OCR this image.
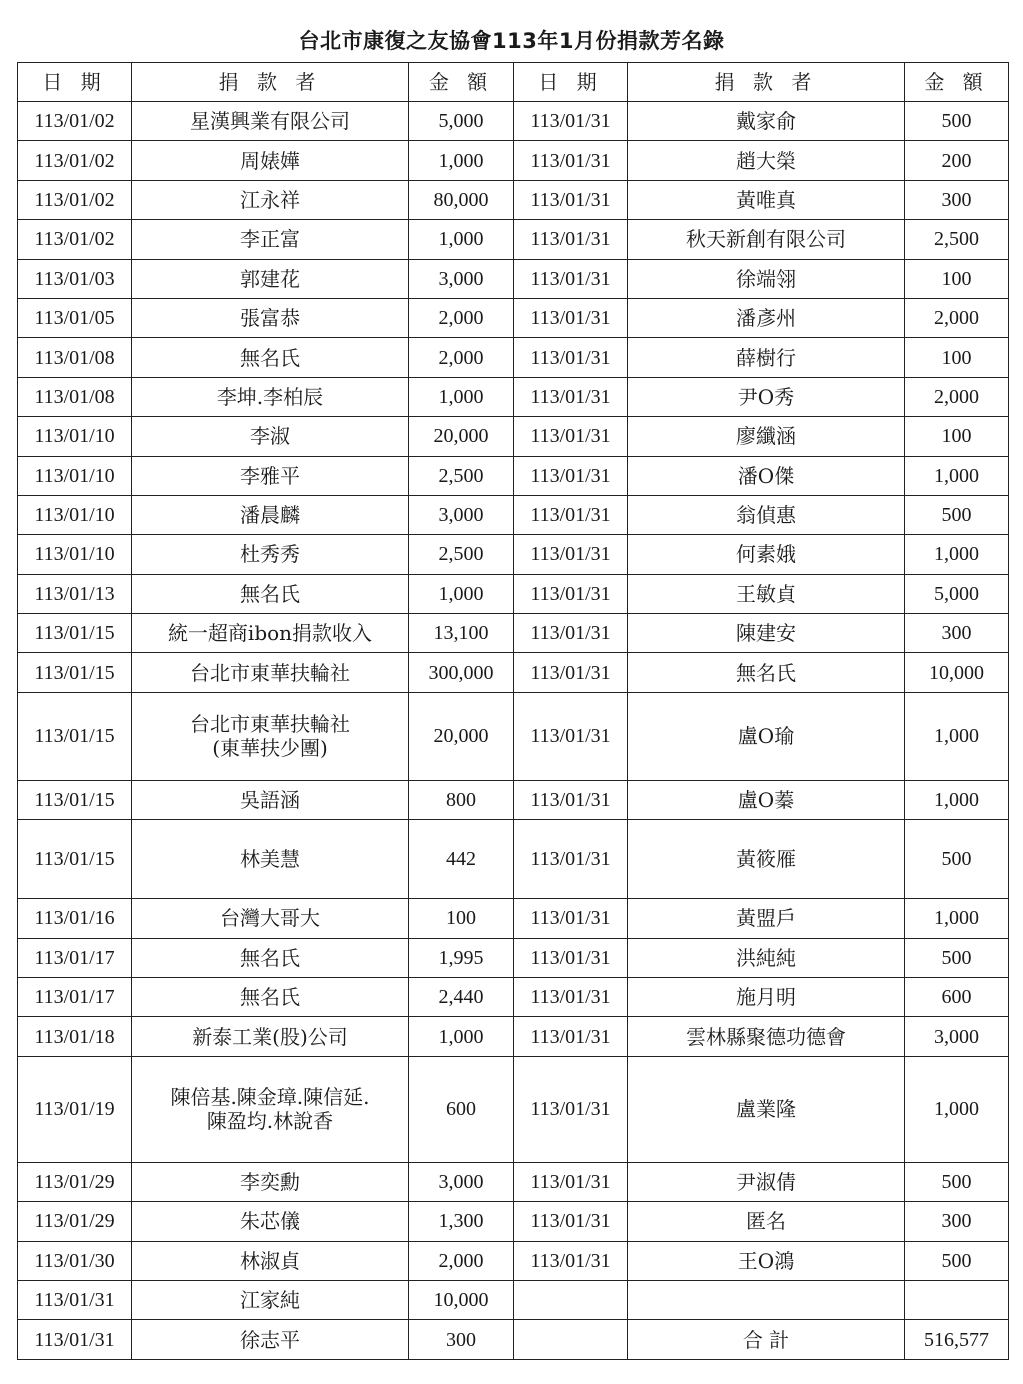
台北市康復之友協會113年1月份捐款芳名錄
日 期	捐 款 者	金 額	日 期	捐 款 者	金 額
113/01/02	星漢興業有限公司	5,000	113/01/31	戴家俞	500
113/01/02	周婊嬅	1,000	113/01/31	趙大榮	200
113/01/02	江永祥	80,000	113/01/31	黃唯真	300
113/01/02	李正富	1,000	113/01/31	秋天新創有限公司	2,500
113/01/03	郭建花	3,000	113/01/31	徐端翎	100
113/01/05	張富恭	2,000	113/01/31	潘彥州	2,000
113/01/08	無名氏	2,000	113/01/31	薛樹行	100
113/01/08	李坤.李柏辰	1,000	113/01/31	尹O秀	2,000
113/01/10	李淑	20,000	113/01/31	廖纖涵	100
113/01/10	李雅平	2,500	113/01/31	潘O傑	1,000
113/01/10	潘晨麟	3,000	113/01/31	翁偵惠	500
113/01/10	杜秀秀	2,500	113/01/31	何素娥	1,000
113/01/13	無名氏	1,000	113/01/31	王敏貞	5,000
113/01/15	統一超商ibon捐款收入	13,100	113/01/31	陳建安	300
113/01/15	台北市東華扶輪社	300,000	113/01/31	無名氏	10,000
113/01/15	台北市東華扶輪社
(東華扶少團)	20,000	113/01/31	盧O瑜	1,000
113/01/15	吳語涵	800	113/01/31	盧O蓁	1,000
113/01/15	林美慧	442	113/01/31	黃筱雁	500
113/01/16	台灣大哥大	100	113/01/31	黃盟戶	1,000
113/01/17	無名氏	1,995	113/01/31	洪純純	500
113/01/17	無名氏	2,440	113/01/31	施月明	600
113/01/18	新泰工業(股)公司	1,000	113/01/31	雲林縣聚德功德會	3,000
113/01/19	陳倍基.陳金璋.陳信延.
陳盈均.林說香	600	113/01/31	盧業隆	1,000
113/01/29	李奕勳	3,000	113/01/31	尹淑倩	500
113/01/29	朱芯儀	1,300	113/01/31	匿名	300
113/01/30	林淑貞	2,000	113/01/31	王O鴻	500
113/01/31	江家純	10,000			
113/01/31	徐志平	300		合 計	516,577
